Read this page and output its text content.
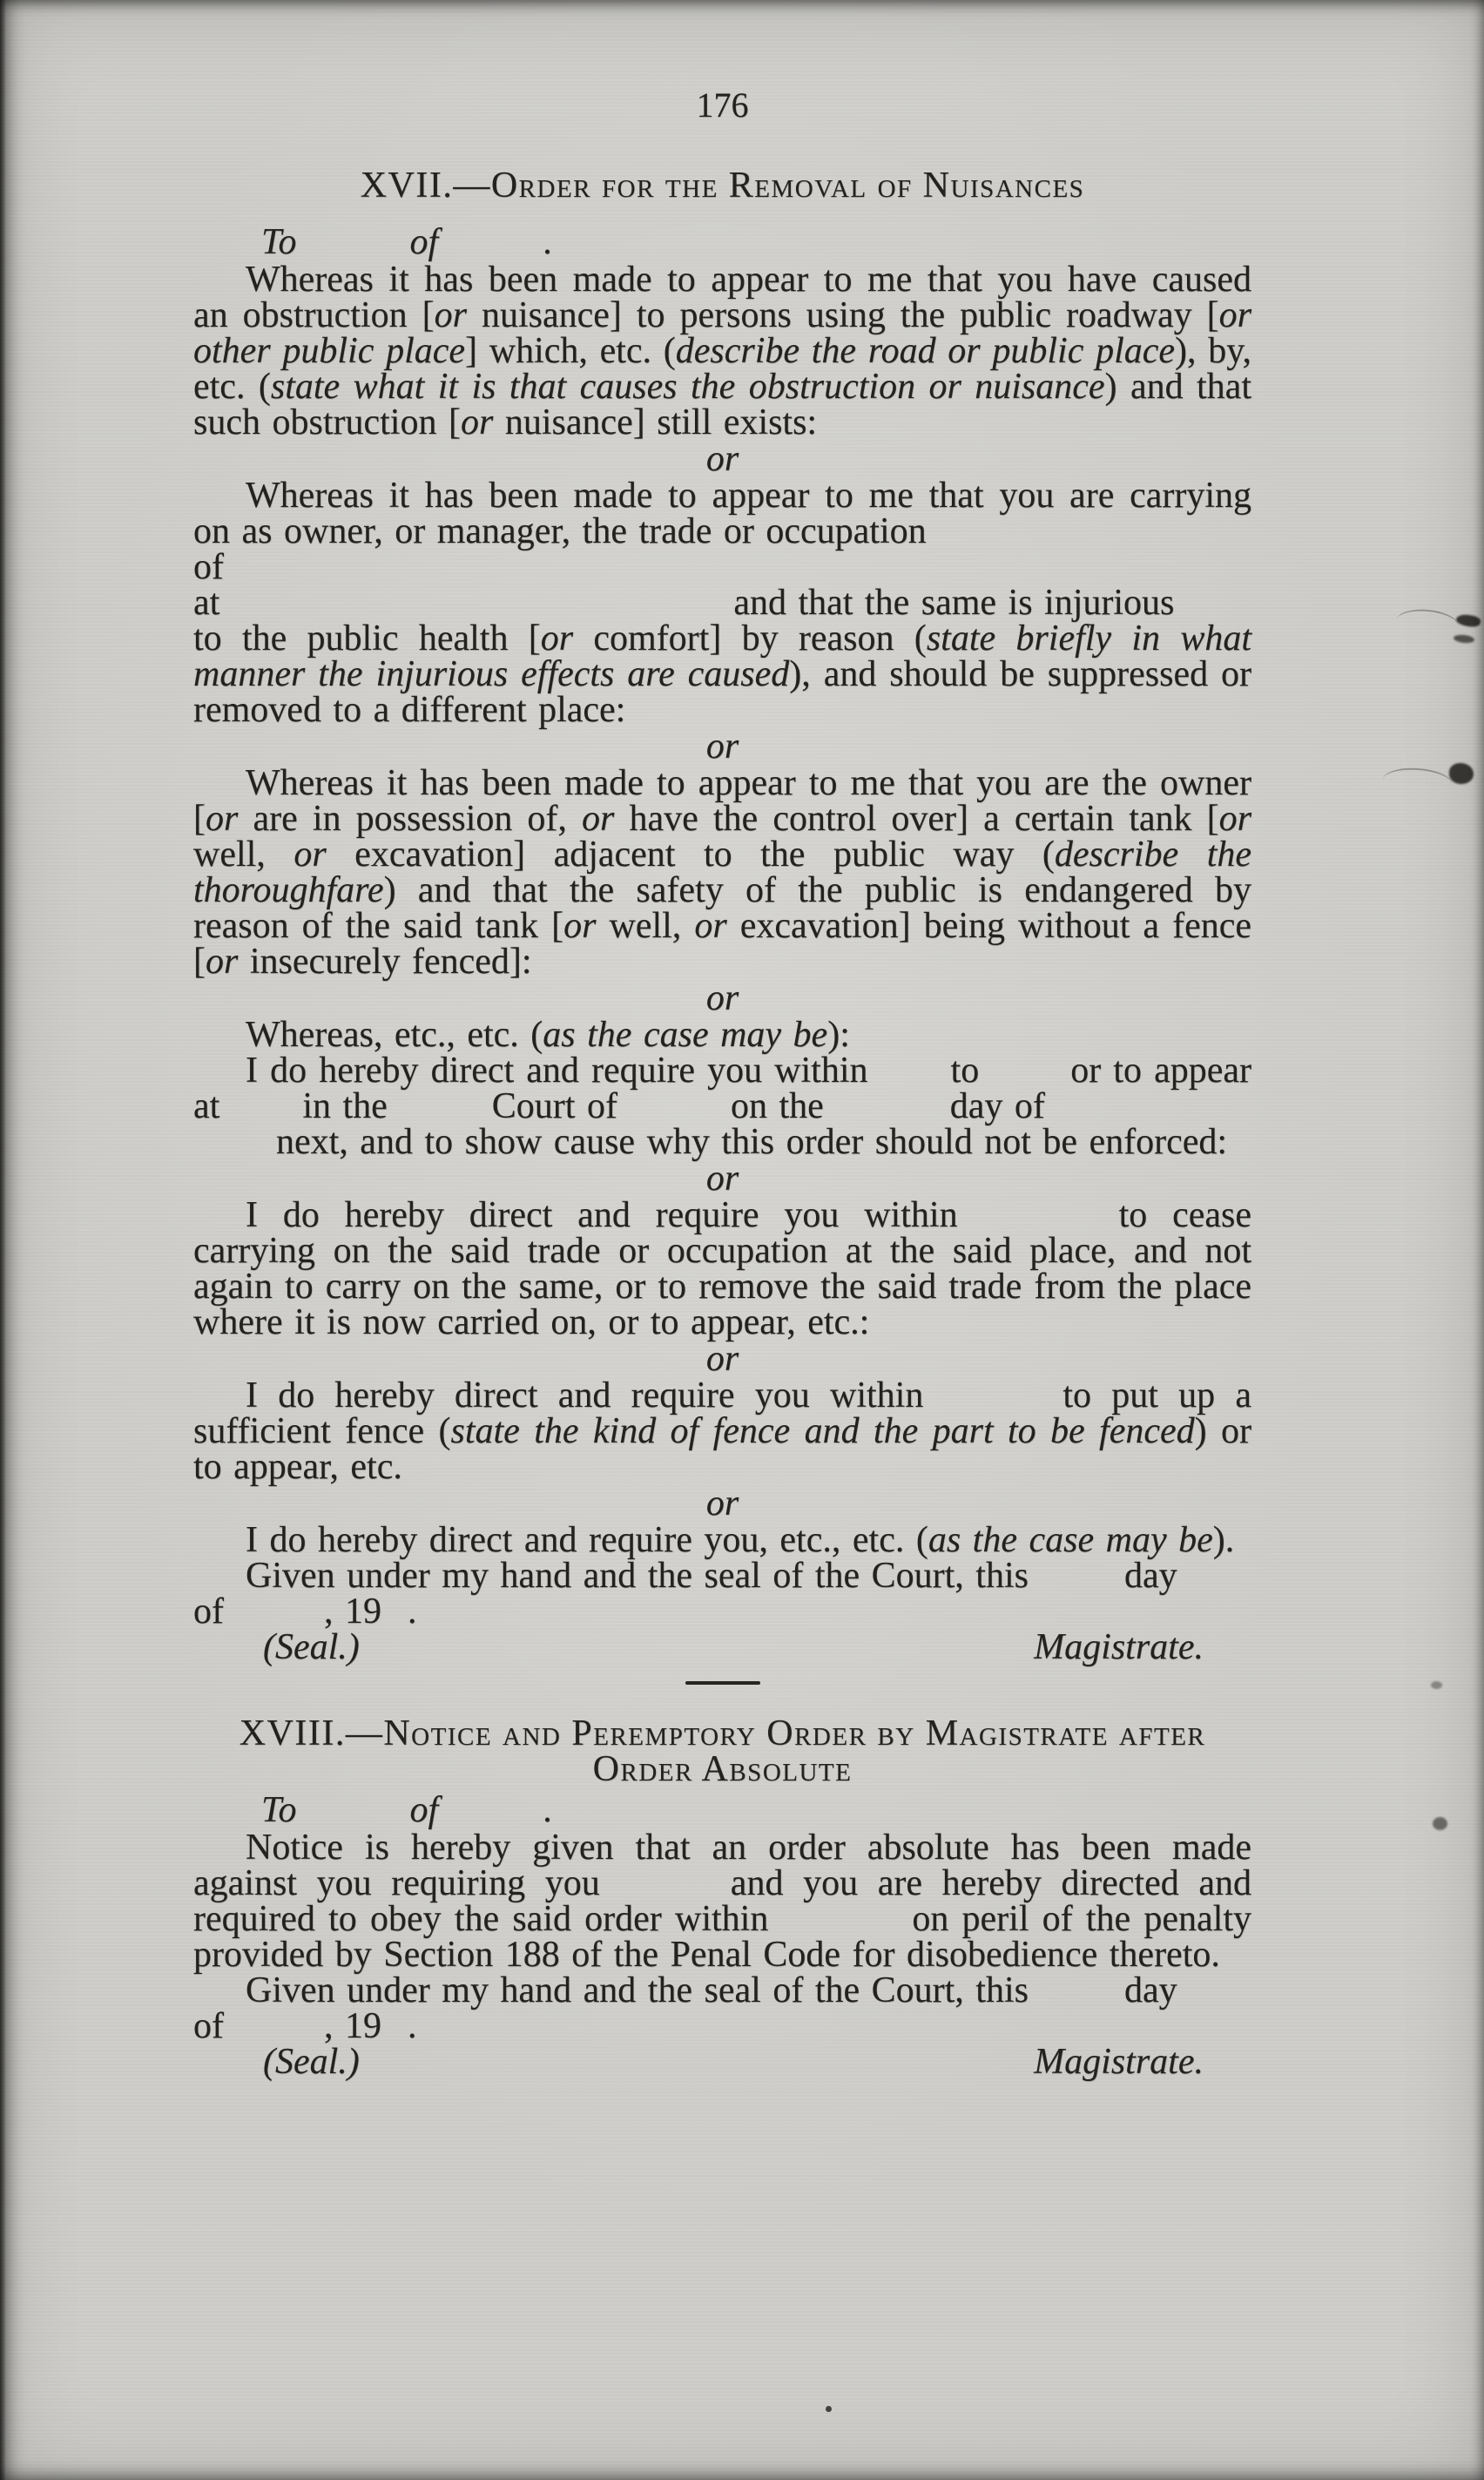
176
XVII.—Order for the Removal of Nuisances

To	of	.

Whereas it has been made to appear to me that you have caused an obstruction [or nuisance] to persons using the public roadway [or other public place] which, etc. (describe the road or public place), by, etc. (state what it is that causes the obstruction or nuisance) and that such obstruction [or nuisance] still exists:

or

Whereas it has been made to appear to me that you are carrying on as owner, or manager, the trade or occupation
of
at	and that the same is injurious
to the public health [or comfort] by reason (state briefly in what manner the injurious effects are caused), and should be suppressed or removed to a different place:

or

Whereas it has been made to appear to me that you are the owner [or are in possession of, or have the control over] a certain tank [or well, or excavation] adjacent to the public way (describe the thoroughfare) and that the safety of the public is endangered by reason of the said tank [or well, or excavation] being without a fence [or insecurely fenced]:

or

Whereas, etc., etc. (as the case may be):

I do hereby direct and require you within to	or to appear at in the	Court of	on the	day of
next, and to show cause why this order should not be enforced:

or

I do hereby direct and require you within	to cease carrying on the said trade or occupation at the said place, and not again to carry on the same, or to remove the said trade from the place where it is now carried on, or to appear, etc.:

or

I do hereby direct and require you within	to put up a sufficient fence (state the kind of fence and the part to be fenced) or to appear, etc.

or

I do hereby direct and require you, etc., etc. (as the case may be).

Given under my hand and the seal of the Court, this	day
of	, 19 .

(Seal.)	Magistrate.
XVIII.—Notice and Peremptory Order by Magistrate after
Order Absolute

To	of	.

Notice is hereby given that an order absolute has been made against you requiring you	and you are hereby directed and required to obey the said order within	on peril of the penalty provided by Section 188 of the Penal Code for disobedience thereto.

Given under my hand and the seal of the Court, this	day
of	, 19 .

(Seal.)	Magistrate.
